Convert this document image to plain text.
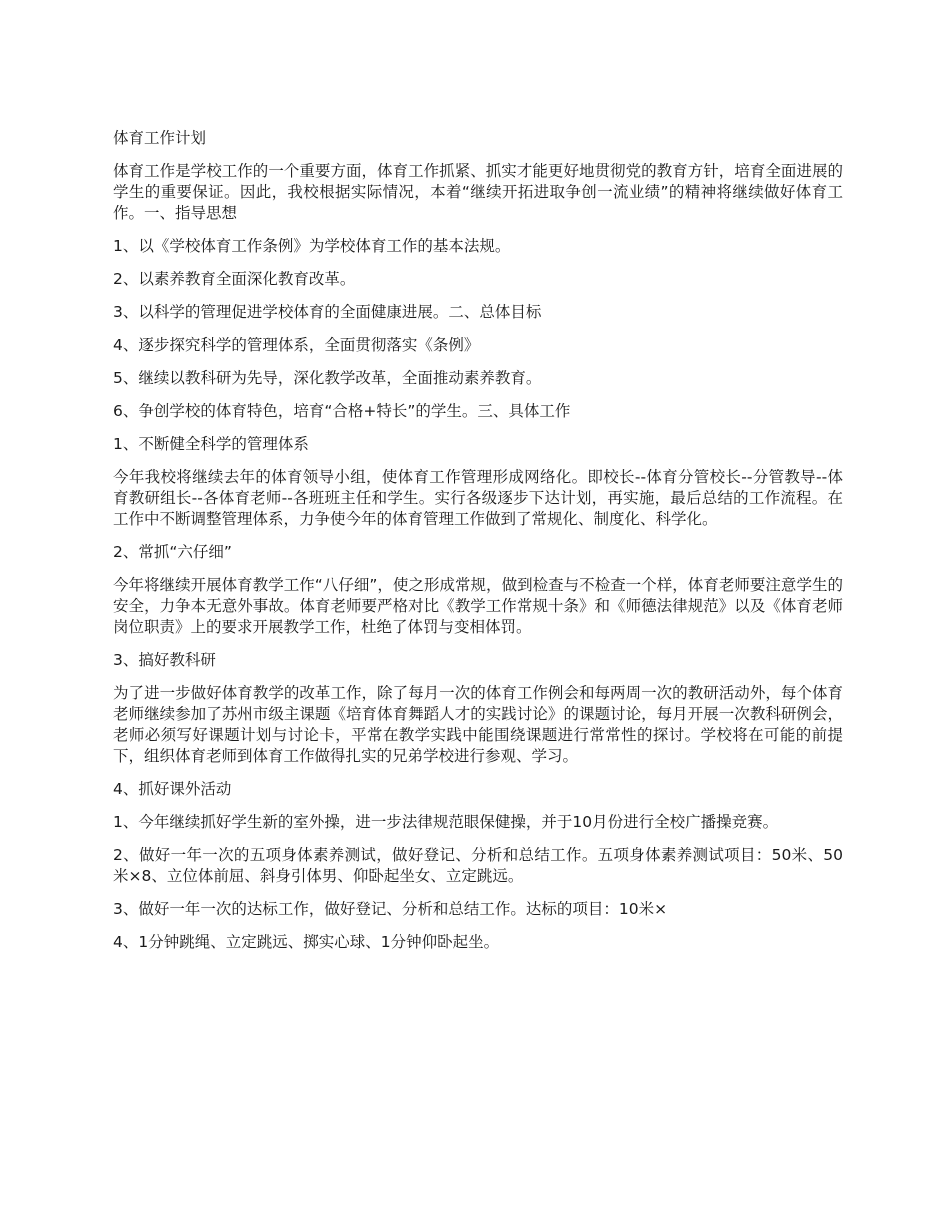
体育工作计划

体育工作是学校工作的一个重要方面，体育工作抓紧、抓实才能更好地贯彻党的教育方针，培育全面进展的学生的重要保证。因此，我校根据实际情况，本着“继续开拓进取争创一流业绩”的精神将继续做好体育工作。一、指导思想

1、以《学校体育工作条例》为学校体育工作的基本法规。

2、以素养教育全面深化教育改革。

3、以科学的管理促进学校体育的全面健康进展。二、总体目标

4、逐步探究科学的管理体系，全面贯彻落实《条例》

5、继续以教科研为先导，深化教学改革，全面推动素养教育。

6、争创学校的体育特色，培育“合格+特长”的学生。三、具体工作

1、不断健全科学的管理体系

今年我校将继续去年的体育领导小组，使体育工作管理形成网络化。即校长--体育分管校长--分管教导--体育教研组长--各体育老师--各班班主任和学生。实行各级逐步下达计划，再实施，最后总结的工作流程。在工作中不断调整管理体系，力争使今年的体育管理工作做到了常规化、制度化、科学化。

2、常抓“六仔细”

今年将继续开展体育教学工作“八仔细”，使之形成常规，做到检查与不检查一个样，体育老师要注意学生的安全，力争本无意外事故。体育老师要严格对比《教学工作常规十条》和《师德法律规范》以及《体育老师岗位职责》上的要求开展教学工作，杜绝了体罚与变相体罚。

3、搞好教科研

为了进一步做好体育教学的改革工作，除了每月一次的体育工作例会和每两周一次的教研活动外，每个体育老师继续参加了苏州市级主课题《培育体育舞蹈人才的实践讨论》的课题讨论，每月开展一次教科研例会，老师必须写好课题计划与讨论卡，平常在教学实践中能围绕课题进行常常性的探讨。学校将在可能的前提下，组织体育老师到体育工作做得扎实的兄弟学校进行参观、学习。

4、抓好课外活动

1、今年继续抓好学生新的室外操，进一步法律规范眼保健操，并于10月份进行全校广播操竞赛。

2、做好一年一次的五项身体素养测试，做好登记、分析和总结工作。五项身体素养测试项目：50米、50米×8、立位体前屈、斜身引体男、仰卧起坐女、立定跳远。

3、做好一年一次的达标工作，做好登记、分析和总结工作。达标的项目：10米×

4、1分钟跳绳、立定跳远、掷实心球、1分钟仰卧起坐。
